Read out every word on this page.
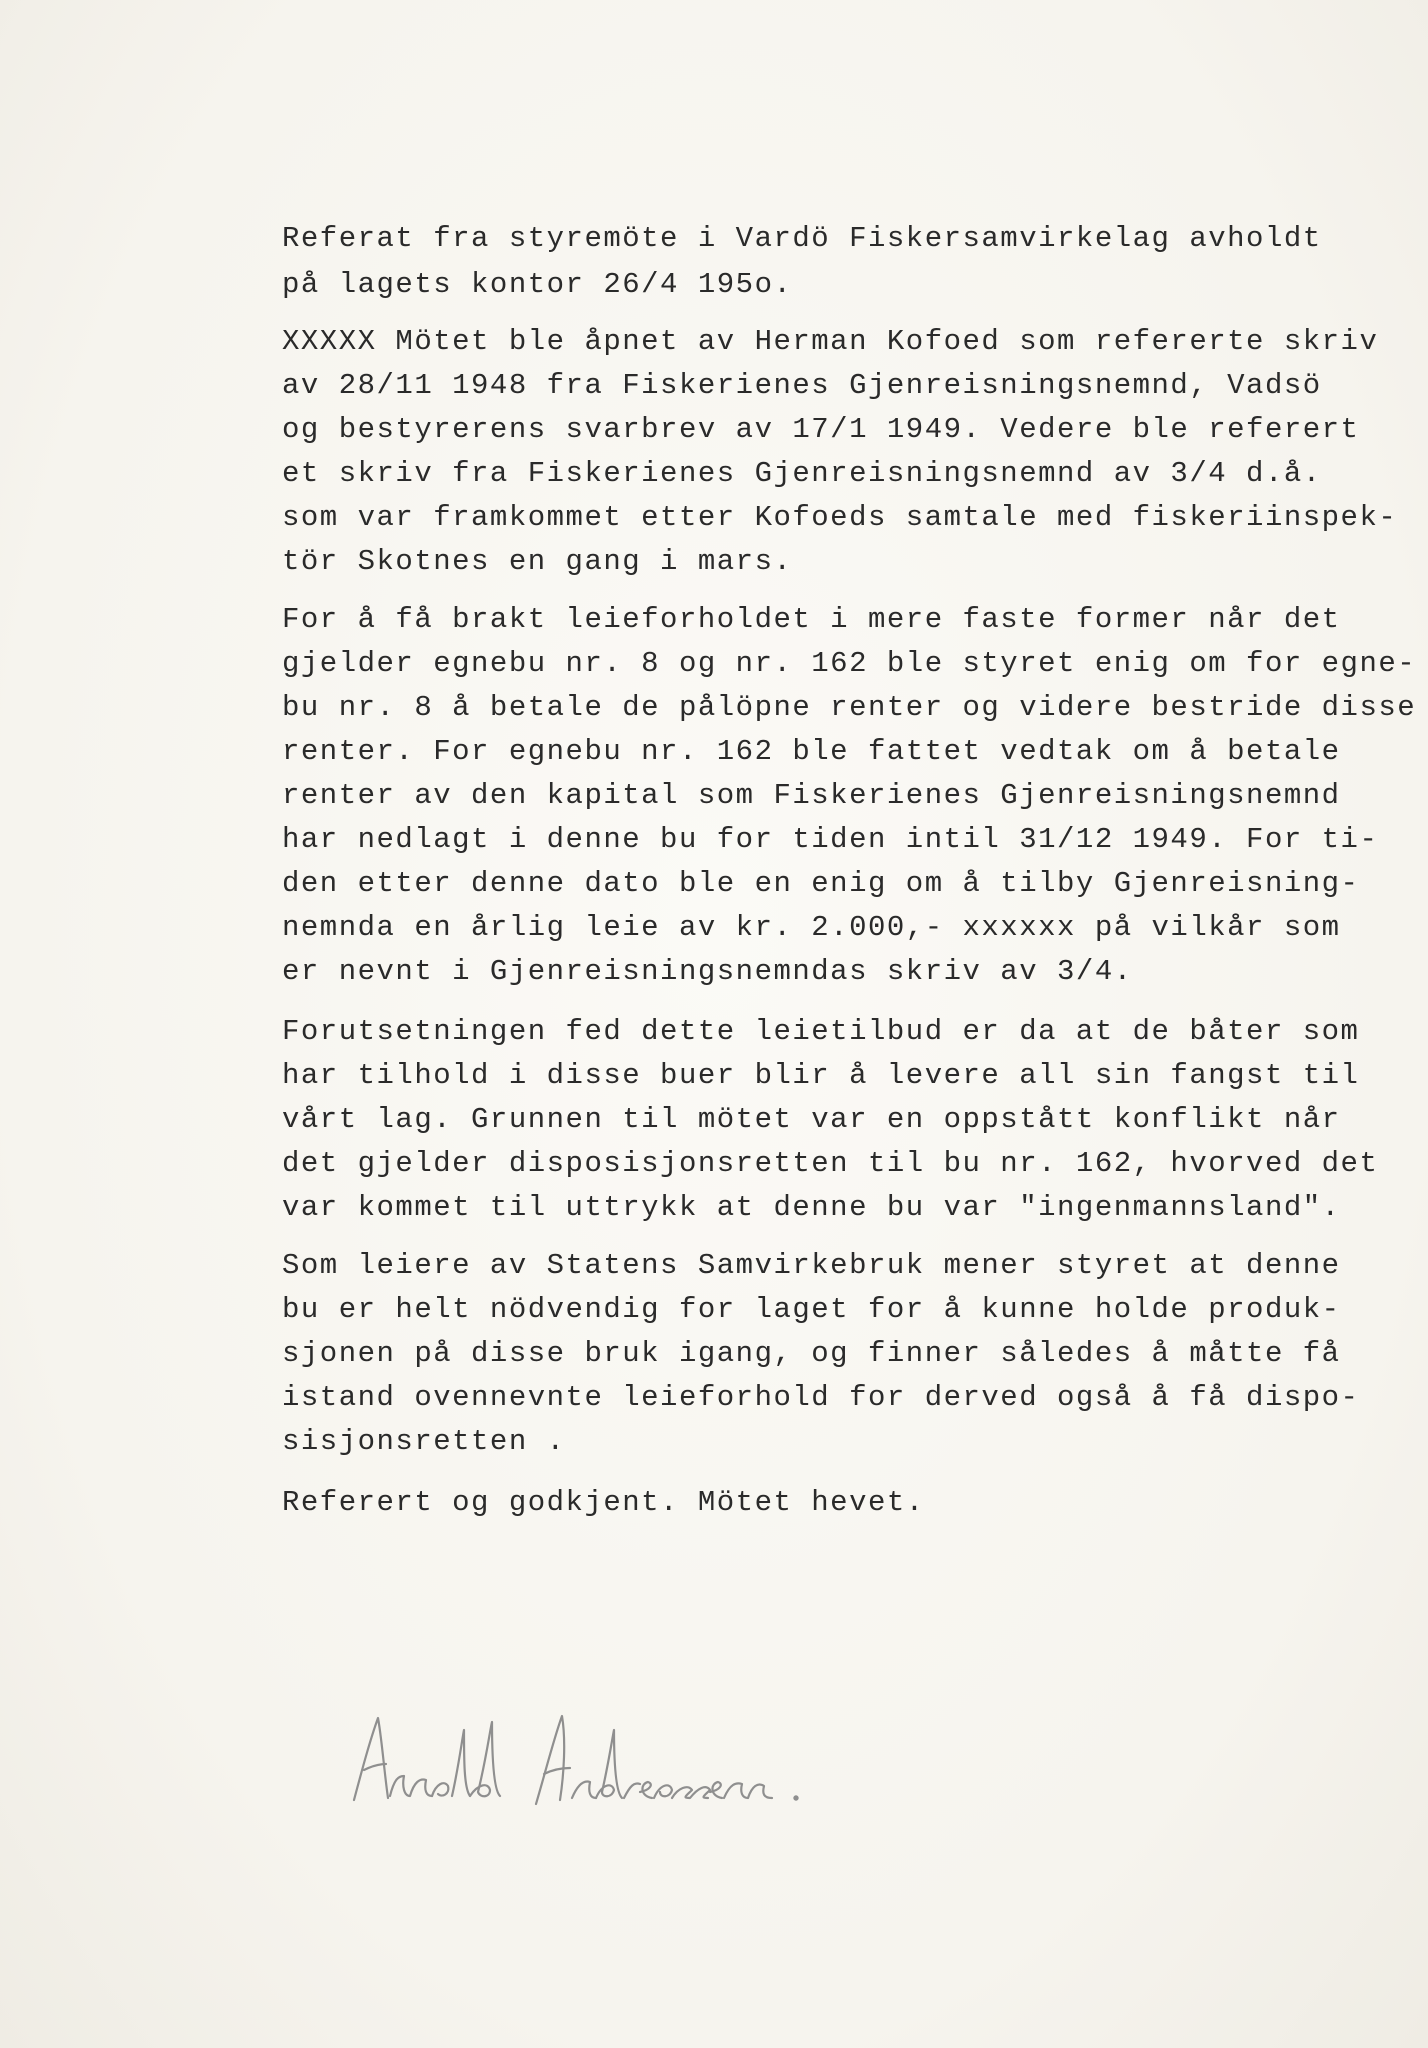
Referat fra styremöte i Vardö Fiskersamvirkelag avholdt

på lagets kontor 26/4 195o.

XXXXX Mötet ble åpnet av Herman Kofoed som refererte skriv

av 28/11 1948 fra Fiskerienes Gjenreisningsnemnd, Vadsö

og bestyrerens svarbrev av 17/1 1949. Vedere ble referert

et skriv fra Fiskerienes Gjenreisningsnemnd av 3/4 d.å.

som var framkommet etter Kofoeds samtale med fiskeriinspek-

tör Skotnes en gang i mars.

For å få brakt leieforholdet i mere faste former når det

gjelder egnebu nr. 8 og nr. 162 ble styret enig om for egne-

bu nr. 8 å betale de pålöpne renter og videre bestride disse

renter. For egnebu nr. 162 ble fattet vedtak om å betale

renter av den kapital som Fiskerienes Gjenreisningsnemnd

har nedlagt i denne bu for tiden intil 31/12 1949. For ti-

den etter denne dato ble en enig om å tilby Gjenreisning-

nemnda en årlig leie av kr. 2.000,- xxxxxx på vilkår som

er nevnt i Gjenreisningsnemndas skriv av 3/4.

Forutsetningen fed dette leietilbud er da at de båter som

har tilhold i disse buer blir å levere all sin fangst til

vårt lag. Grunnen til mötet var en oppstått konflikt når

det gjelder disposisjonsretten til bu nr. 162, hvorved det

var kommet til uttrykk at denne bu var "ingenmannsland".

Som leiere av Statens Samvirkebruk mener styret at denne

bu er helt nödvendig for laget for å kunne holde produk-

sjonen på disse bruk igang, og finner således å måtte få

istand ovennevnte leieforhold for derved også å få dispo-

sisjonsretten .

Referert og godkjent. Mötet hevet.
